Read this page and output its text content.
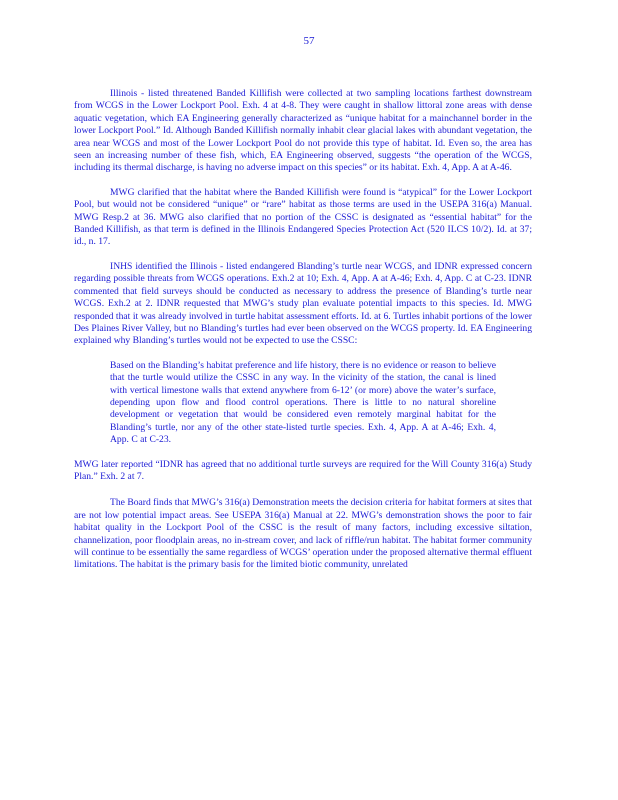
57

Illinois - listed threatened Banded Killifish were collected at two sampling locations farthest downstream from WCGS in the Lower Lockport Pool. Exh. 4 at 4-8. They were caught in shallow littoral zone areas with dense aquatic vegetation, which EA Engineering generally characterized as “unique habitat for a mainchannel border in the lower Lockport Pool.” Id. Although Banded Killifish normally inhabit clear glacial lakes with abundant vegetation, the area near WCGS and most of the Lower Lockport Pool do not provide this type of habitat. Id. Even so, the area has seen an increasing number of these fish, which, EA Engineering observed, suggests “the operation of the WCGS, including its thermal discharge, is having no adverse impact on this species” or its habitat. Exh. 4, App. A at A-46.

MWG clarified that the habitat where the Banded Killifish were found is “atypical” for the Lower Lockport Pool, but would not be considered “unique” or “rare” habitat as those terms are used in the USEPA 316(a) Manual. MWG Resp.2 at 36. MWG also clarified that no portion of the CSSC is designated as “essential habitat” for the Banded Killifish, as that term is defined in the Illinois Endangered Species Protection Act (520 ILCS 10/2). Id. at 37; id., n. 17.

INHS identified the Illinois - listed endangered Blanding’s turtle near WCGS, and IDNR expressed concern regarding possible threats from WCGS operations. Exh.2 at 10; Exh. 4, App. A at A-46; Exh. 4, App. C at C-23. IDNR commented that field surveys should be conducted as necessary to address the presence of Blanding’s turtle near WCGS. Exh.2 at 2. IDNR requested that MWG’s study plan evaluate potential impacts to this species. Id. MWG responded that it was already involved in turtle habitat assessment efforts. Id. at 6. Turtles inhabit portions of the lower Des Plaines River Valley, but no Blanding’s turtles had ever been observed on the WCGS property. Id. EA Engineering explained why Blanding’s turtles would not be expected to use the CSSC:

Based on the Blanding’s habitat preference and life history, there is no evidence or reason to believe that the turtle would utilize the CSSC in any way. In the vicinity of the station, the canal is lined with vertical limestone walls that extend anywhere from 6-12’ (or more) above the water’s surface, depending upon flow and flood control operations. There is little to no natural shoreline development or vegetation that would be considered even remotely marginal habitat for the Blanding’s turtle, nor any of the other state-listed turtle species. Exh. 4, App. A at A-46; Exh. 4, App. C at C-23.

MWG later reported “IDNR has agreed that no additional turtle surveys are required for the Will County 316(a) Study Plan.” Exh. 2 at 7.

The Board finds that MWG’s 316(a) Demonstration meets the decision criteria for habitat formers at sites that are not low potential impact areas. See USEPA 316(a) Manual at 22. MWG’s demonstration shows the poor to fair habitat quality in the Lockport Pool of the CSSC is the result of many factors, including excessive siltation, channelization, poor floodplain areas, no in-stream cover, and lack of riffle/run habitat. The habitat former community will continue to be essentially the same regardless of WCGS’ operation under the proposed alternative thermal effluent limitations. The habitat is the primary basis for the limited biotic community, unrelated
